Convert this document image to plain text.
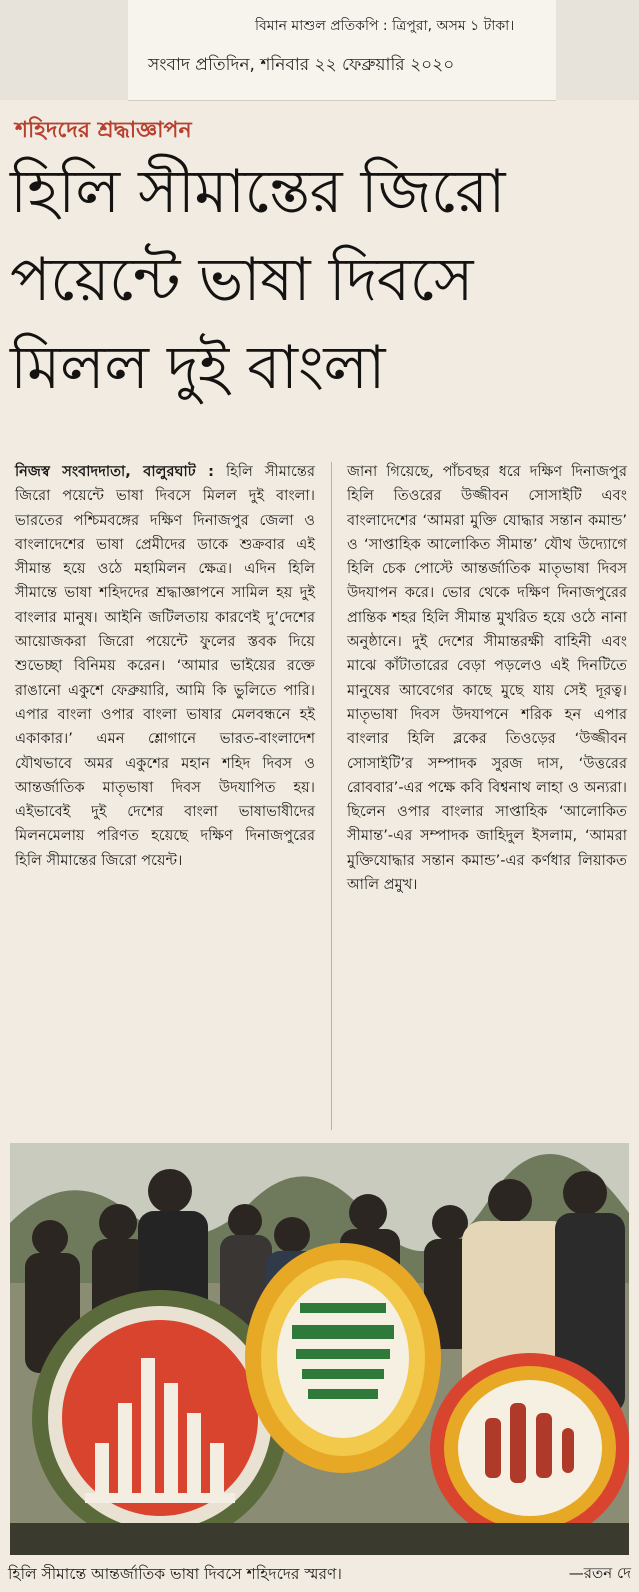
বিমান মাশুল প্রতিকপি : ত্রিপুরা, অসম ১ টাকা।
সংবাদ প্রতিদিন, শনিবার ২২ ফেব্রুয়ারি ২০২০
শহিদদের শ্রদ্ধাজ্ঞাপন
হিলি সীমান্তের জিরো
পয়েন্টে ভাষা দিবসে
মিলল দুই বাংলা
নিজস্ব সংবাদদাতা, বালুরঘাট : হিলি সীমান্তের জিরো পয়েন্টে ভাষা দিবসে মিলল দুই বাংলা। ভারতের পশ্চিমবঙ্গের দক্ষিণ দিনাজপুর জেলা ও বাংলাদেশের ভাষা প্রেমীদের ডাকে শুক্রবার এই সীমান্ত হয়ে ওঠে মহামিলন ক্ষেত্র। এদিন হিলি সীমান্তে ভাষা শহিদদের শ্রদ্ধাজ্ঞাপনে সামিল হয় দুই বাংলার মানুষ। আইনি জটিলতায় কারণেই দু’দেশের আয়োজকরা জিরো পয়েন্টে ফুলের স্তবক দিয়ে শুভেচ্ছা বিনিময় করেন। ‘আমার ভাইয়ের রক্তে রাঙানো একুশে ফেব্রুয়ারি, আমি কি ভুলিতে পারি। এপার বাংলা ওপার বাংলা ভাষার মেলবন্ধনে হই একাকার।’ এমন শ্লোগানে ভারত-বাংলাদেশ যৌথভাবে অমর একুশের মহান শহিদ দিবস ও আন্তর্জাতিক মাতৃভাষা দিবস উদযাপিত হয়। এইভাবেই দুই দেশের বাংলা ভাষাভাষীদের মিলনমেলায় পরিণত হয়েছে দক্ষিণ দিনাজপুরের হিলি সীমান্তের জিরো পয়েন্ট।
জানা গিয়েছে, পাঁচবছর ধরে দক্ষিণ দিনাজপুর হিলি তিওরের উজ্জীবন সোসাইটি এবং বাংলাদেশের ‘আমরা মুক্তি যোদ্ধার সন্তান কমান্ড’ ও ‘সাপ্তাহিক আলোকিত সীমান্ত’ যৌথ উদ্যোগে হিলি চেক পোস্টে আন্তর্জাতিক মাতৃভাষা দিবস উদযাপন করে। ভোর থেকে দক্ষিণ দিনাজপুরের প্রান্তিক শহর হিলি সীমান্ত মুখরিত হয়ে ওঠে নানা অনুষ্ঠানে। দুই দেশের সীমান্তরক্ষী বাহিনী এবং মাঝে কাঁটাতারের বেড়া পড়লেও এই দিনটিতে মানুষের আবেগের কাছে মুছে যায় সেই দূরত্ব। মাতৃভাষা দিবস উদযাপনে শরিক হন এপার বাংলার হিলি ব্লকের তিওড়ের ‘উজ্জীবন সোসাইটি’র সম্পাদক সুরজ দাস, ‘উত্তরের রোববার’-এর পক্ষে কবি বিশ্বনাথ লাহা ও অন্যরা। ছিলেন ওপার বাংলার সাপ্তাহিক ‘আলোকিত সীমান্ত’-এর সম্পাদক জাহিদুল ইসলাম, ‘আমরা মুক্তিযোদ্ধার সন্তান কমান্ড’-এর কর্ণধার লিয়াকত আলি প্রমুখ।
হিলি সীমান্তে আন্তর্জাতিক ভাষা দিবসে শহিদদের স্মরণ।	—রতন দে
